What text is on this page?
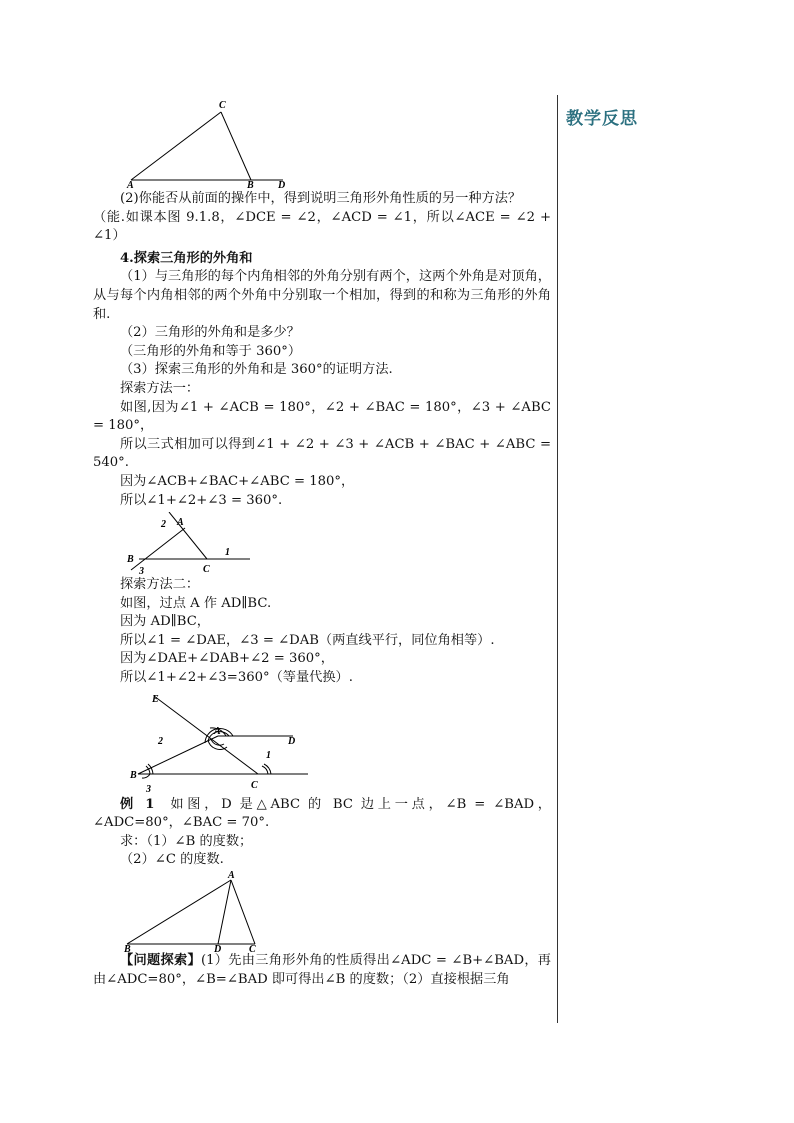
教学反思
C
A	B D

(2)你能否从前面的操作中，得到说明三角形外角性质的另一种方法？

（能.如课本图 9.1.8，∠DCE = ∠2，∠ACD = ∠1，所以∠ACE = ∠2 + ∠1）

4.探索三角形的外角和

（1）与三角形的每个内角相邻的外角分别有两个，这两个外角是对顶角，从与每个内角相邻的两个外角中分别取一个相加，得到的和称为三角形的外角和.

（2）三角形的外角和是多少？

（三角形的外角和等于 360°）

（3）探索三角形的外角和是 360°的证明方法.

探索方法一：

如图,因为∠1 + ∠ACB = 180°，∠2 + ∠BAC = 180°，∠3 + ∠ABC = 180°，

所以三式相加可以得到∠1 + ∠2 + ∠3 + ∠ACB + ∠BAC + ∠ABC = 540°.

因为∠ACB+∠BAC+∠ABC = 180°，

所以∠1+∠2+∠3 = 360°.

2 A
1
B
3	C

探索方法二：

如图，过点 A 作 AD∥BC.

因为 AD∥BC，

所以∠1 = ∠DAE，∠3 = ∠DAB（两直线平行，同位角相等）.

因为∠DAE+∠DAB+∠2 = 360°，

所以∠1+∠2+∠3=360°（等量代换）.

E
2
A
D
1
B
3	C

例 1 如图，D 是△ABC 的 BC 边上一点，∠B = ∠BAD，∠ADC=80°，∠BAC = 70°.

求：（1）∠B 的度数；

（2）∠C 的度数.

A
B	D	C

【问题探索】(1）先由三角形外角的性质得出∠ADC = ∠B+∠BAD，再由∠ADC=80°，∠B=∠BAD 即可得出∠B 的度数；（2）直接根据三角
